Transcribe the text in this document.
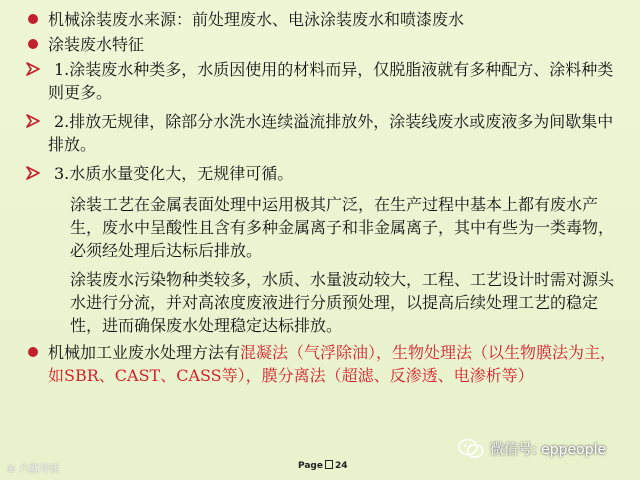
机械涂装废水来源：前处理废水、电泳涂装废水和喷漆废水

涂装废水特征

1.涂装废水种类多，水质因使用的材料而异，仅脱脂液就有多种配方、涂料种类则更多。

2.排放无规律，除部分水洗水连续溢流排放外，涂装线废水或废液多为间歇集中排放。

3.水质水量变化大，无规律可循。

涂装工艺在金属表面处理中运用极其广泛，在生产过程中基本上都有废水产生，废水中呈酸性且含有多种金属离子和非金属离子，其中有些为一类毒物，必须经处理后达标后排放。

涂装废水污染物种类较多，水质、水量波动较大，工程、工艺设计时需对源头水进行分流，并对高浓度废液进行分质预处理，以提高后续处理工艺的稳定性，进而确保废水处理稳定达标排放。

机械加工业废水处理方法有混凝法（气浮除油），生物处理法（以生物膜法为主，如SBR、CAST、CASS等），膜分离法（超滤、反渗透、电渗析等）

Page 24
© 六就导读
微信号: eppeople
